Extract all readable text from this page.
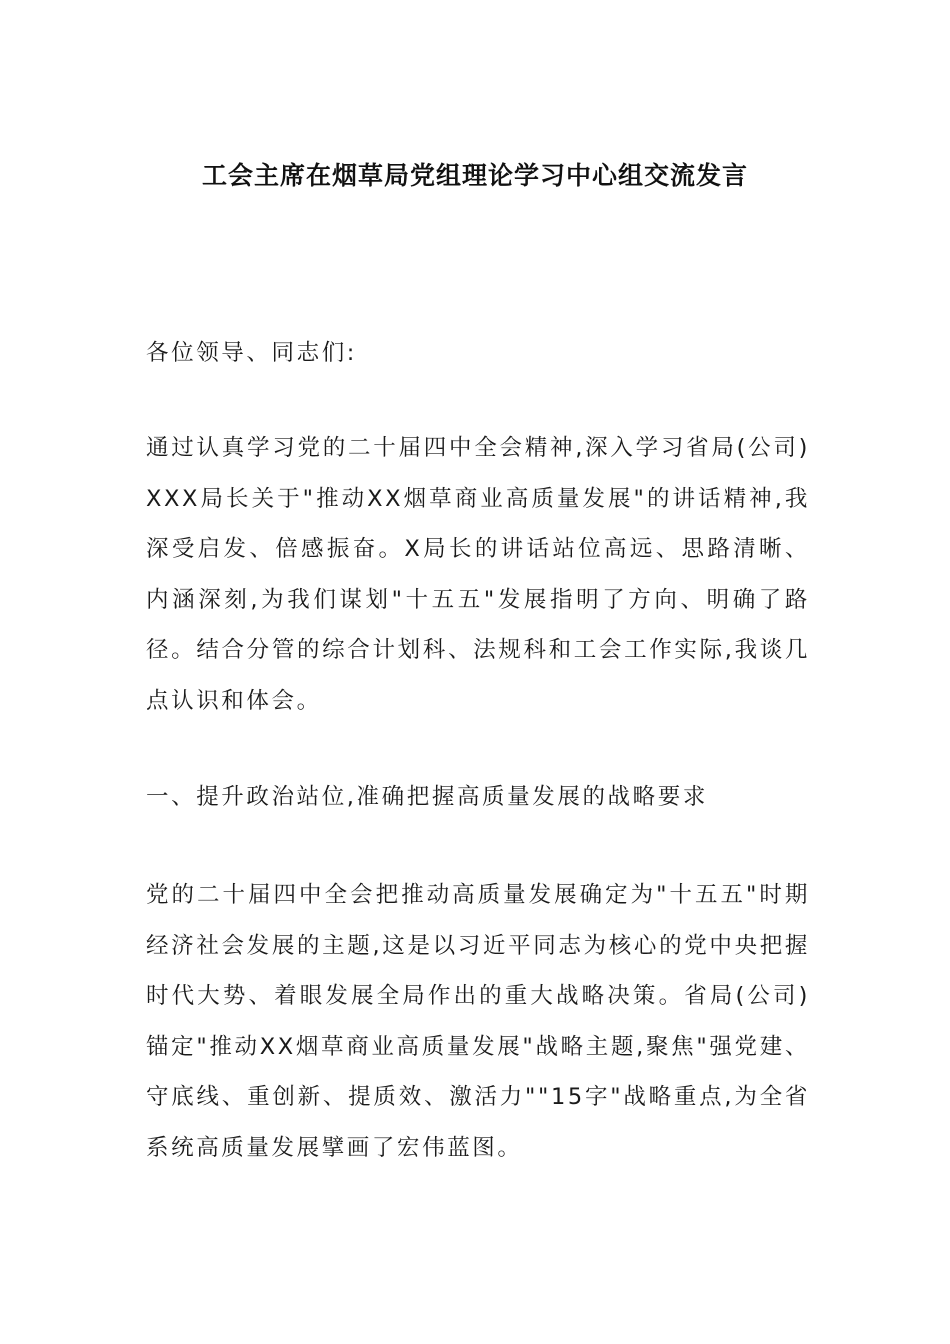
工会主席在烟草局党组理论学习中心组交流发言

各位领导、同志们:

通过认真学习党的二十届四中全会精神,深入学习省局(公司)XXX局长关于"推动XX烟草商业高质量发展"的讲话精神,我深受启发、倍感振奋。X局长的讲话站位高远、思路清晰、内涵深刻,为我们谋划"十五五"发展指明了方向、明确了路径。结合分管的综合计划科、法规科和工会工作实际,我谈几点认识和体会。

一、提升政治站位,准确把握高质量发展的战略要求

党的二十届四中全会把推动高质量发展确定为"十五五"时期经济社会发展的主题,这是以习近平同志为核心的党中央把握时代大势、着眼发展全局作出的重大战略决策。省局(公司)锚定"推动XX烟草商业高质量发展"战略主题,聚焦"强党建、守底线、重创新、提质效、激活力""15字"战略重点,为全省系统高质量发展擘画了宏伟蓝图。
